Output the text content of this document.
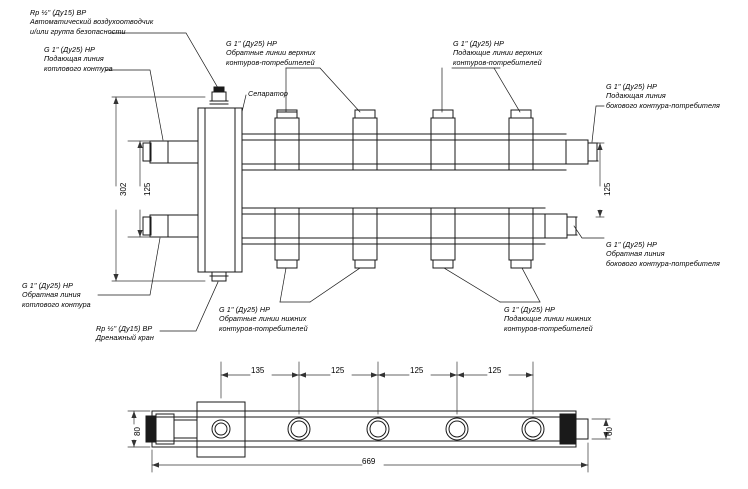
Rp ½" (Ду15) ВР
Автоматический воздухоотводчик
и/или группа безопасности
G 1" (Ду25) НР
Подающая линия
котлового контура
Сепаратор
G 1" (Ду25) НР
Обратные линии верхних
контуров-потребителей
G 1" (Ду25) НР
Подающие линии верхних
контуров-потребителей
G 1" (Ду25) НР
Подающая линия
бокового контура-потребителя
G 1" (Ду25) НР
Обратная линия
бокового контура-потребителя
G 1" (Ду25) НР
Обратная линия
котлового контура
Rp ½" (Ду15) ВР
Дренажный кран
G 1" (Ду25) НР
Обратные линии нижних
контуров-потребителей
G 1" (Ду25) НР
Подающие линии нижних
контуров-потребителей
302 125	125
135	125	125	125
80	60
669
